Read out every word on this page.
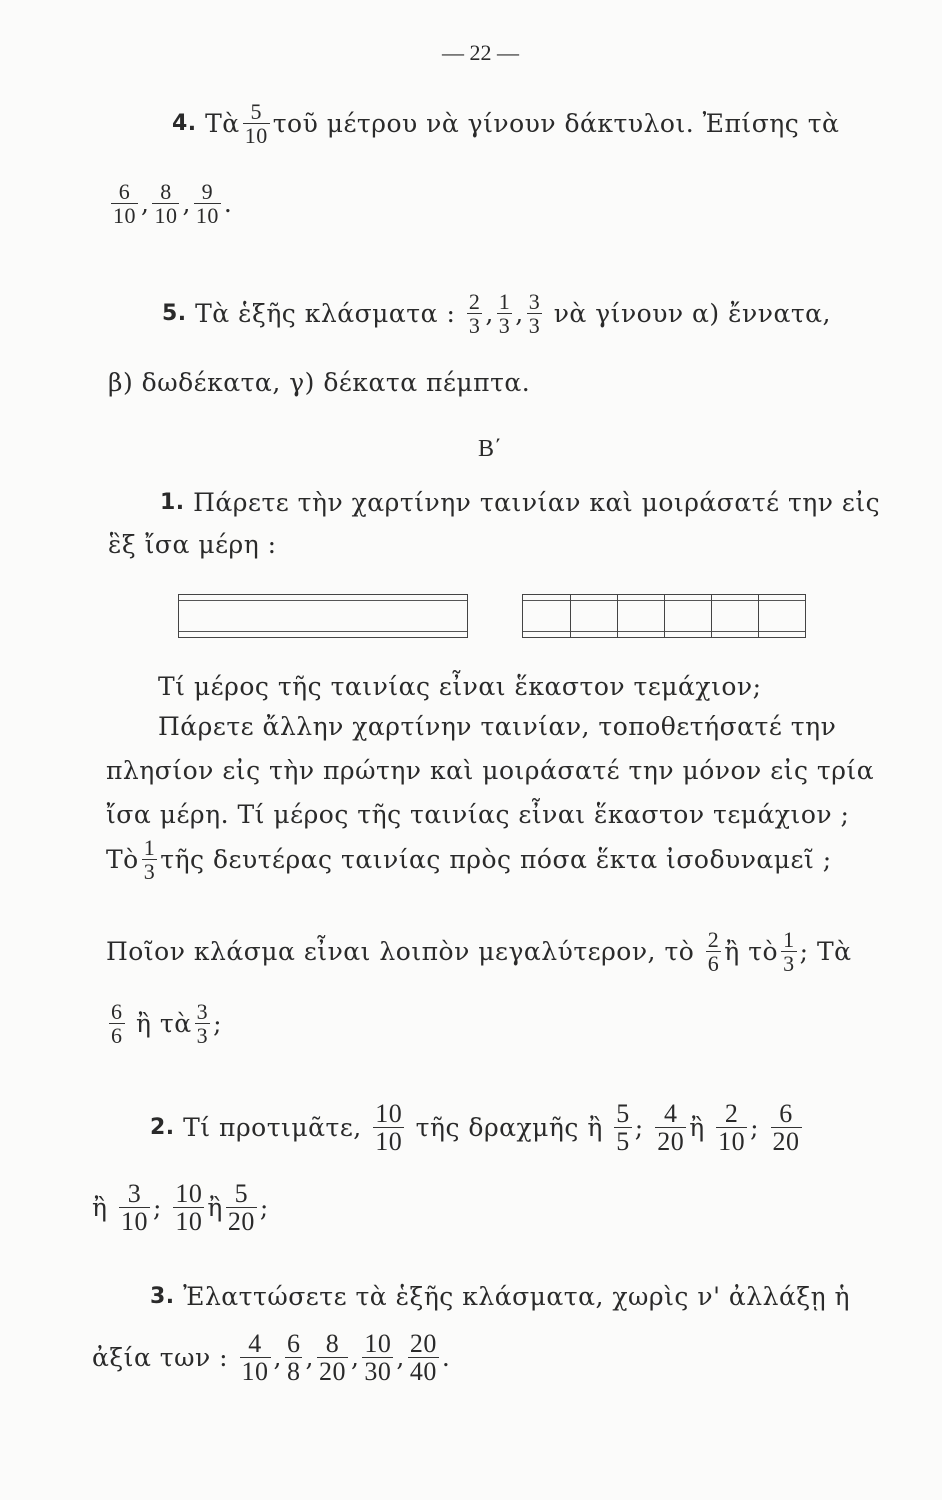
— 22 —
4.
Τὰ $\frac{5}{10}$ τοῦ μέτρου νὰ γίνουν δάκτυλοι. Ἐπίσης τὰ
$\frac{6}{10}$ , $\frac{8}{10}$ , $\frac{9}{10}$ .
5.
Τὰ ἑξῆς κλάσματα :
$\frac{2}{3}$ , $\frac{1}{3}$ , $\frac{3}{3}$
νὰ γίνουν α) ἔννατα,
β) δωδέκατα, γ) δέκατα πέμπτα.
Β΄
1.
Πάρετε τὴν χαρτίνην ταινίαν καὶ μοιράσατέ την εἰς
ἓξ ἴσα μέρη :
Τί μέρος τῆς ταινίας εἶναι ἕκαστον τεμάχιον;
Πάρετε ἄλλην χαρτίνην ταινίαν, τοποθετήσατέ την
πλησίον εἰς τὴν πρώτην καὶ μοιράσατέ την μόνον εἰς τρία
ἴσα μέρη. Τί μέρος τῆς ταινίας εἶναι ἕκαστον τεμάχιον ;
Τὸ $\frac{1}{3}$ τῆς δευτέρας ταινίας πρὸς πόσα ἕκτα ἰσοδυναμεῖ ;
Ποῖον κλάσμα εἶναι λοιπὸν μεγαλύτερον, τὸ
$\frac{2}{6}$ ἢ τὸ $\frac{1}{3}$ ; Τὰ
$\frac{6}{6}$
ἢ τὰ $\frac{3}{3}$ ;
2.
Τί προτιμᾶτε,
$\frac{10}{10}$
τῆς δραχμῆς ἢ
$\frac{5}{5}$ ;
$\frac{4}{20}$ ἢ
$\frac{2}{10}$ ;
$\frac{6}{20}$
ἢ
$\frac{3}{10}$ ;
$\frac{10}{10}$ ἢ $\frac{5}{20}$ ;
3.
Ἐλαττώσετε τὰ ἑξῆς κλάσματα, χωρὶς ν' ἀλλάξῃ ἡ
ἀξία των :
$\frac{4}{10}$ , $\frac{6}{8}$ , $\frac{8}{20}$ , $\frac{10}{30}$ , $\frac{20}{40}$ .
